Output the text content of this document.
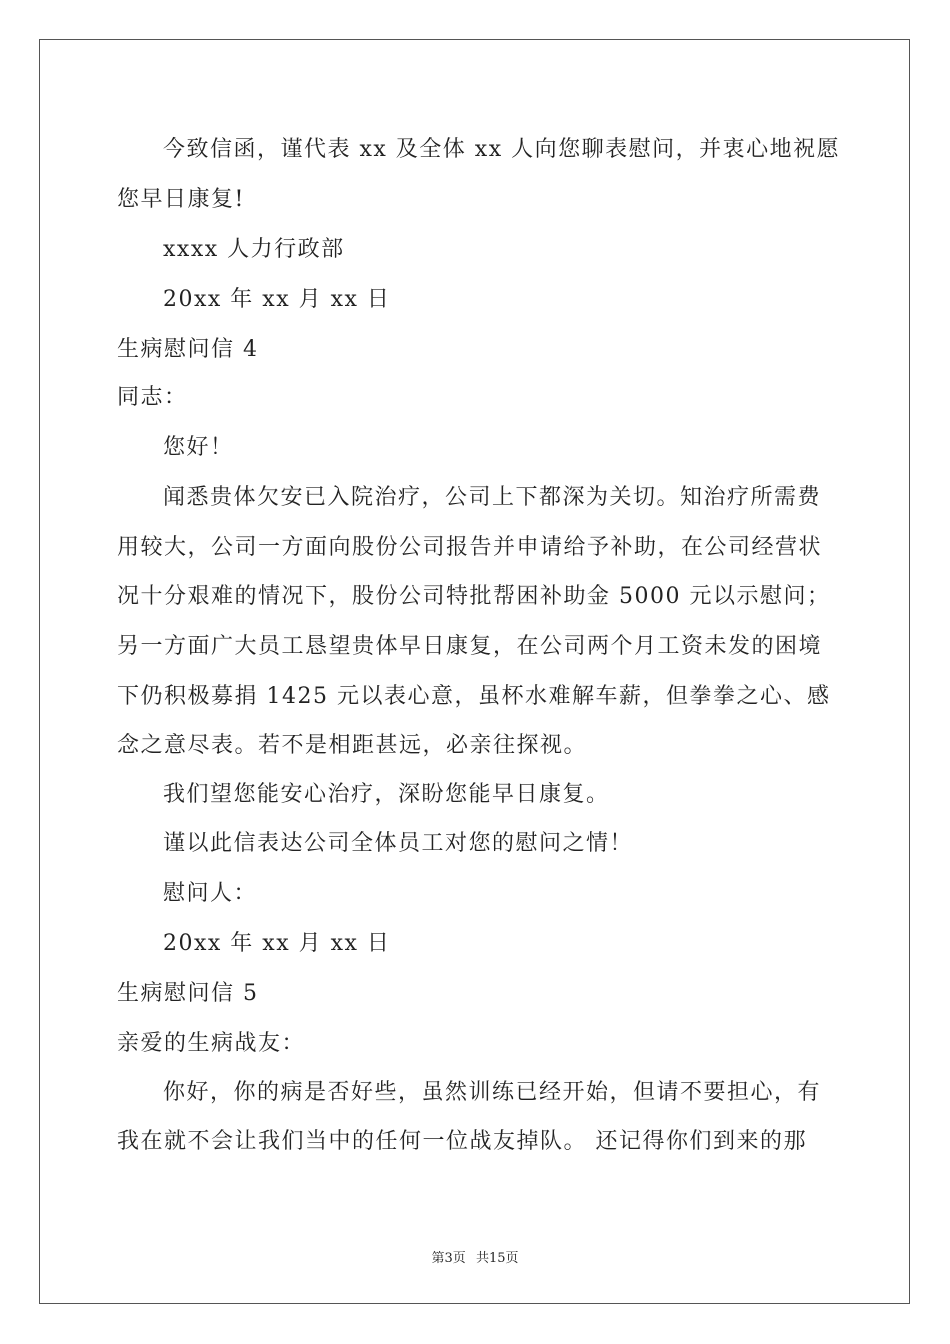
今致信函，谨代表 xx 及全体 xx 人向您聊表慰问，并衷心地祝愿
您早日康复!
xxxx 人力行政部
20xx 年 xx 月 xx 日
生病慰问信 4
同志：
您好！
闻悉贵体欠安已入院治疗，公司上下都深为关切。知治疗所需费
用较大，公司一方面向股份公司报告并申请给予补助，在公司经营状
况十分艰难的情况下，股份公司特批帮困补助金 5000 元以示慰问；
另一方面广大员工恳望贵体早日康复，在公司两个月工资未发的困境
下仍积极募捐 1425 元以表心意，虽杯水难解车薪，但拳拳之心、感
念之意尽表。若不是相距甚远，必亲往探视。
我们望您能安心治疗，深盼您能早日康复。
谨以此信表达公司全体员工对您的慰问之情！
慰问人：
20xx 年 xx 月 xx 日
生病慰问信 5
亲爱的生病战友：
你好，你的病是否好些，虽然训练已经开始，但请不要担心，有
我在就不会让我们当中的任何一位战友掉队。 还记得你们到来的那
第3页 共15页
